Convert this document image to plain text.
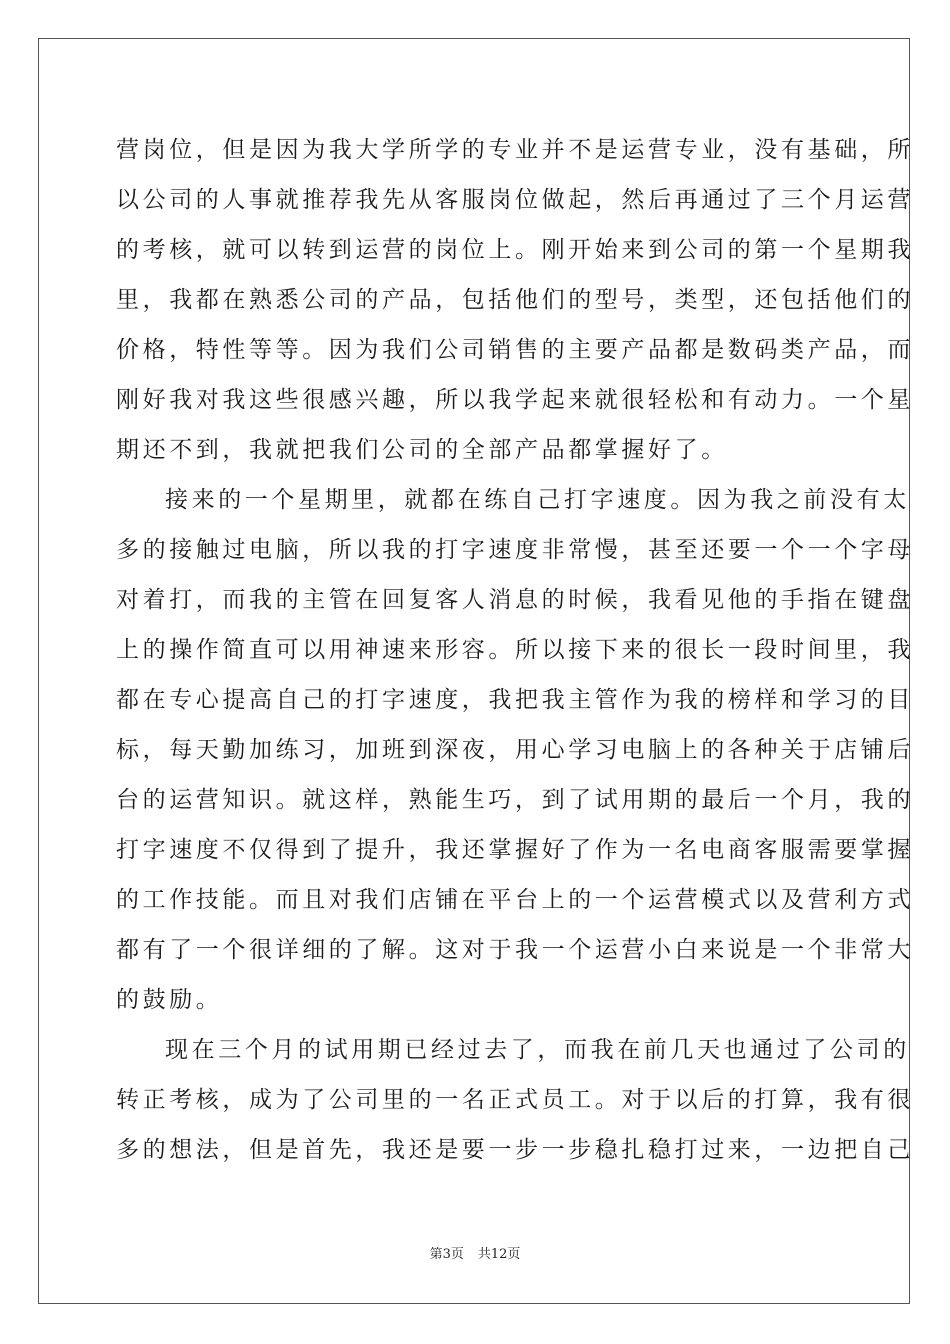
营岗位，但是因为我大学所学的专业并不是运营专业，没有基础，所
以公司的人事就推荐我先从客服岗位做起，然后再通过了三个月运营
的考核，就可以转到运营的岗位上。刚开始来到公司的第一个星期我
里，我都在熟悉公司的产品，包括他们的型号，类型，还包括他们的
价格，特性等等。因为我们公司销售的主要产品都是数码类产品，而
刚好我对我这些很感兴趣，所以我学起来就很轻松和有动力。一个星
期还不到，我就把我们公司的全部产品都掌握好了。
接来的一个星期里，就都在练自己打字速度。因为我之前没有太
多的接触过电脑，所以我的打字速度非常慢，甚至还要一个一个字母
对着打，而我的主管在回复客人消息的时候，我看见他的手指在键盘
上的操作简直可以用神速来形容。所以接下来的很长一段时间里，我
都在专心提高自己的打字速度，我把我主管作为我的榜样和学习的目
标，每天勤加练习，加班到深夜，用心学习电脑上的各种关于店铺后
台的运营知识。就这样，熟能生巧，到了试用期的最后一个月，我的
打字速度不仅得到了提升，我还掌握好了作为一名电商客服需要掌握
的工作技能。而且对我们店铺在平台上的一个运营模式以及营利方式
都有了一个很详细的了解。这对于我一个运营小白来说是一个非常大
的鼓励。
现在三个月的试用期已经过去了，而我在前几天也通过了公司的
转正考核，成为了公司里的一名正式员工。对于以后的打算，我有很
多的想法，但是首先，我还是要一步一步稳扎稳打过来，一边把自己
第3页 共12页
